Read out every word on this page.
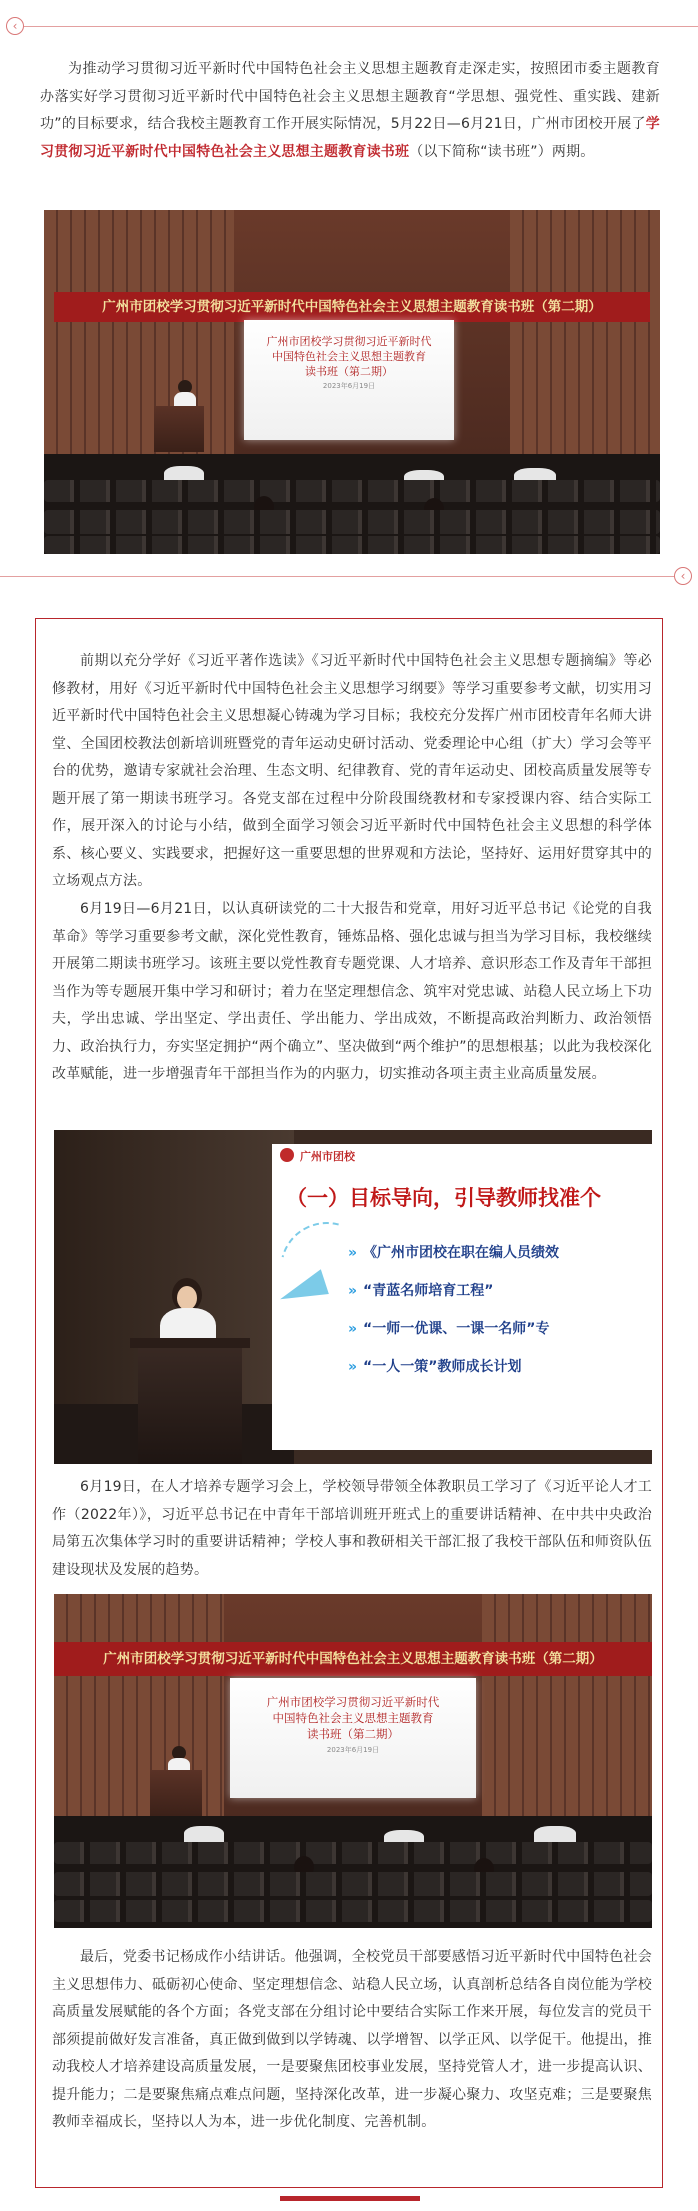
‹

为推动学习贯彻习近平新时代中国特色社会主义思想主题教育走深走实，按照团市委主题教育办落实好学习贯彻习近平新时代中国特色社会主义思想主题教育“学思想、强党性、重实践、建新功”的目标要求，结合我校主题教育工作开展实际情况，5月22日—6月21日，广州市团校开展了学习贯彻习近平新时代中国特色社会主义思想主题教育读书班（以下简称“读书班”）两期。

广州市团校学习贯彻习近平新时代中国特色社会主义思想主题教育读书班（第二期）
广州市团校学习贯彻习近平新时代
中国特色社会主义思想主题教育
读书班（第二期）
2023年6月19日
‹

前期以充分学好《习近平著作选读》《习近平新时代中国特色社会主义思想专题摘编》等必修教材，用好《习近平新时代中国特色社会主义思想学习纲要》等学习重要参考文献，切实用习近平新时代中国特色社会主义思想凝心铸魂为学习目标；我校充分发挥广州市团校青年名师大讲堂、全国团校教法创新培训班暨党的青年运动史研讨活动、党委理论中心组（扩大）学习会等平台的优势，邀请专家就社会治理、生态文明、纪律教育、党的青年运动史、团校高质量发展等专题开展了第一期读书班学习。各党支部在过程中分阶段围绕教材和专家授课内容、结合实际工作，展开深入的讨论与小结，做到全面学习领会习近平新时代中国特色社会主义思想的科学体系、核心要义、实践要求，把握好这一重要思想的世界观和方法论，坚持好、运用好贯穿其中的立场观点方法。

6月19日—6月21日，以认真研读党的二十大报告和党章，用好习近平总书记《论党的自我革命》等学习重要参考文献，深化党性教育，锤炼品格、强化忠诚与担当为学习目标，我校继续开展第二期读书班学习。该班主要以党性教育专题党课、人才培养、意识形态工作及青年干部担当作为等专题展开集中学习和研讨；着力在坚定理想信念、筑牢对党忠诚、站稳人民立场上下功夫，学出忠诚、学出坚定、学出责任、学出能力、学出成效，不断提高政治判断力、政治领悟力、政治执行力，夯实坚定拥护“两个确立”、坚决做到“两个维护”的思想根基；以此为我校深化改革赋能，进一步增强青年干部担当作为的内驱力，切实推动各项主责主业高质量发展。

广州市团校
（一）目标导向，引导教师找准个
» 《广州市团校在职在编人员绩效
» “青蓝名师培育工程”
» “一师一优课、一课一名师”专
» “一人一策”教师成长计划

6月19日，在人才培养专题学习会上，学校领导带领全体教职员工学习了《习近平论人才工作（2022年）》，习近平总书记在中青年干部培训班开班式上的重要讲话精神、在中共中央政治局第五次集体学习时的重要讲话精神；学校人事和教研相关干部汇报了我校干部队伍和师资队伍建设现状及发展的趋势。

广州市团校学习贯彻习近平新时代中国特色社会主义思想主题教育读书班（第二期）
广州市团校学习贯彻习近平新时代
中国特色社会主义思想主题教育
读书班（第二期）
2023年6月19日

最后，党委书记杨成作小结讲话。他强调，全校党员干部要感悟习近平新时代中国特色社会主义思想伟力、砥砺初心使命、坚定理想信念、站稳人民立场，认真剖析总结各自岗位能为学校高质量发展赋能的各个方面；各党支部在分组讨论中要结合实际工作来开展，每位发言的党员干部须提前做好发言准备，真正做到做到以学铸魂、以学增智、以学正风、以学促干。他提出，推动我校人才培养建设高质量发展，一是要聚焦团校事业发展，坚持党管人才，进一步提高认识、提升能力；二是要聚焦痛点难点问题，坚持深化改革，进一步凝心聚力、攻坚克难；三是要聚焦教师幸福成长，坚持以人为本，进一步优化制度、完善机制。
